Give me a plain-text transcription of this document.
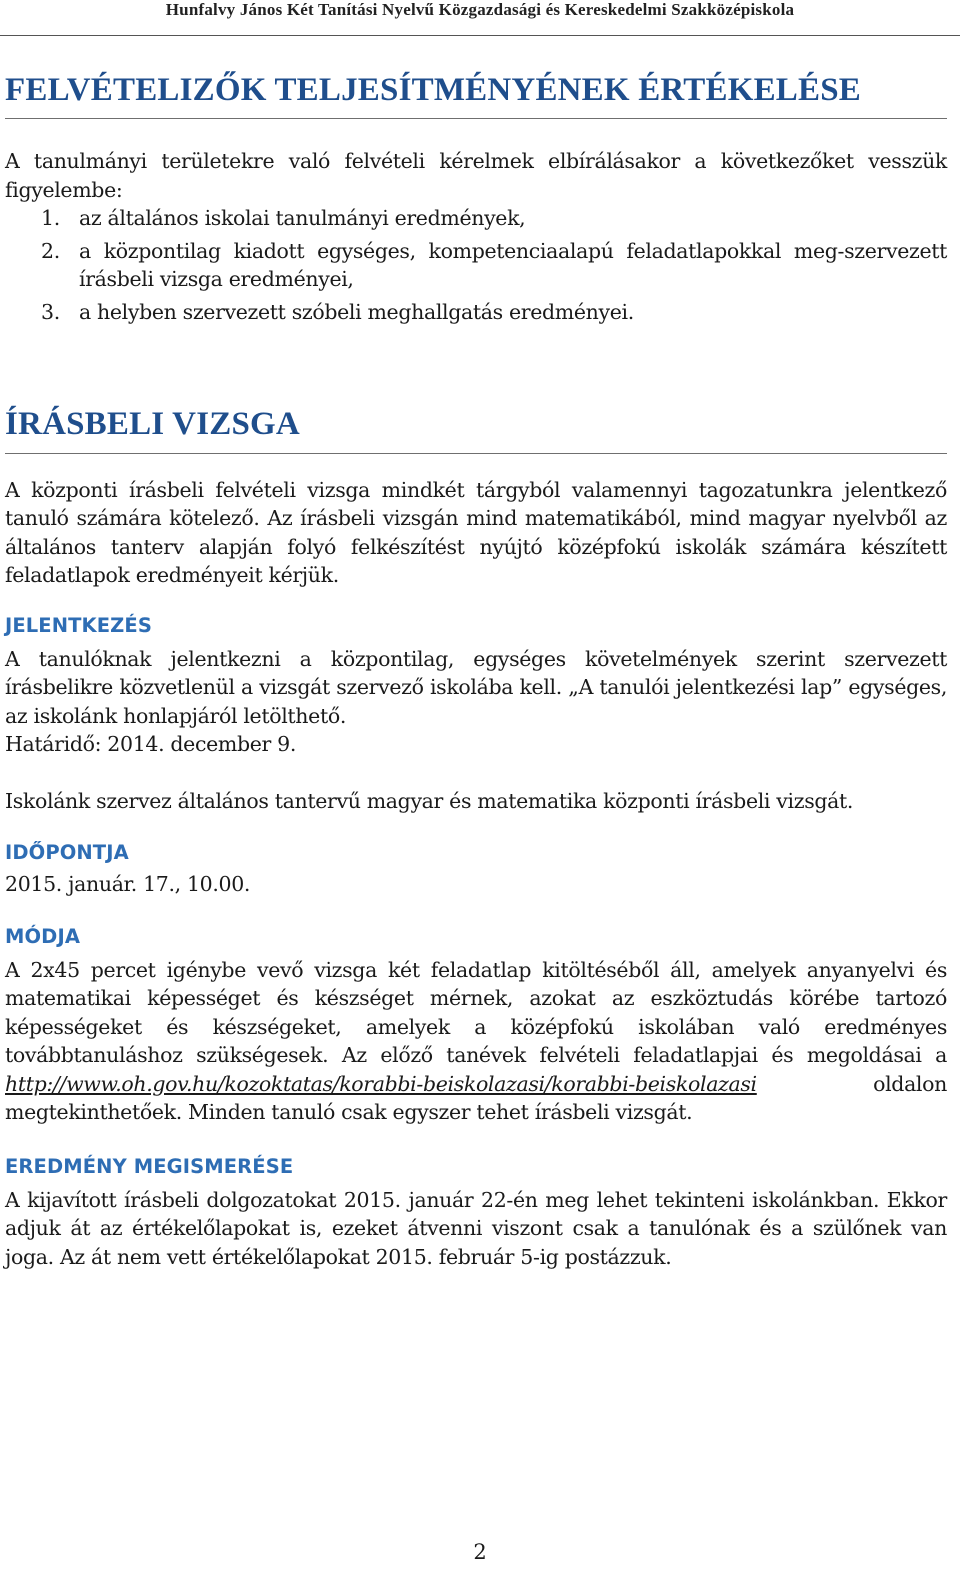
Hunfalvy János Két Tanítási Nyelvű Közgazdasági és Kereskedelmi Szakközépiskola
FELVÉTELIZŐK TELJESÍTMÉNYÉNEK ÉRTÉKELÉSE

A tanulmányi területekre való felvételi kérelmek elbírálásakor a következőket vesszük figyelembe:

1. az általános iskolai tanulmányi eredmények,
2. a központilag kiadott egységes, kompetenciaalapú feladatlapokkal meg-szervezett írásbeli vizsga eredményei,
3. a helyben szervezett szóbeli meghallgatás eredményei.
ÍRÁSBELI VIZSGA

A központi írásbeli felvételi vizsga mindkét tárgyból valamennyi tagozatunkra jelentkező tanuló számára kötelező. Az írásbeli vizsgán mind matematikából, mind magyar nyelvből az általános tanterv alapján folyó felkészítést nyújtó középfokú iskolák számára készített feladatlapok eredményeit kérjük.

JELENTKEZÉS

A tanulóknak jelentkezni a központilag, egységes követelmények szerint szervezett írásbelikre közvetlenül a vizsgát szervező iskolába kell. „A tanulói jelentkezési lap” egységes, az iskolánk honlapjáról letölthető.

Határidő: 2014. december 9.

Iskolánk szervez általános tantervű magyar és matematika központi írásbeli vizsgát.

IDŐPONTJA

2015. január. 17., 10.00.

MÓDJA

A 2x45 percet igénybe vevő vizsga két feladatlap kitöltéséből áll, amelyek anyanyelvi és matematikai képességet és készséget mérnek, azokat az eszköztudás körébe tartozó képességeket és készségeket, amelyek a középfokú iskolában való eredményes továbbtanuláshoz szükségesek. Az előző tanévek felvételi feladatlapjai és megoldásai a http://www.oh.gov.hu/kozoktatas/korabbi-beiskolazasi/korabbi-beiskolazasi	oldalon megtekinthetőek. Minden tanuló csak egyszer tehet írásbeli vizsgát.

EREDMÉNY MEGISMERÉSE

A kijavított írásbeli dolgozatokat 2015. január 22-én meg lehet tekinteni iskolánkban. Ekkor adjuk át az értékelőlapokat is, ezeket átvenni viszont csak a tanulónak és a szülőnek van joga. Az át nem vett értékelőlapokat 2015. február 5-ig postázzuk.

2
